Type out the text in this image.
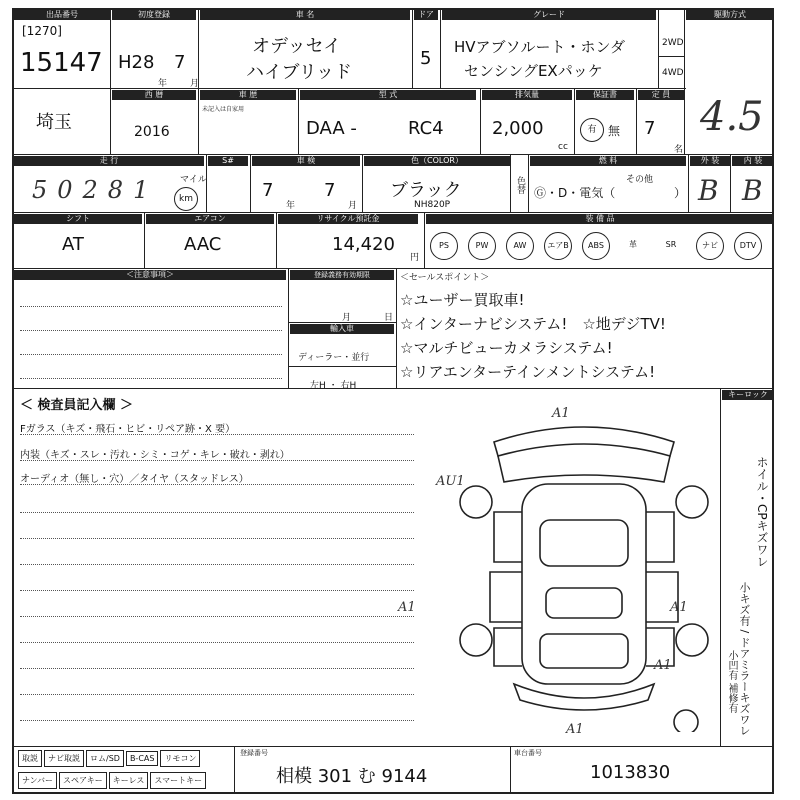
出品番号
[1270]
15147
初度登録
H28 7
年	月
車 名
オデッセイ
ハイブリッド
ドア
5
グレード
HVアブソルート・ホンダ
センシングEXパッケ
2WD
4WD
駆動方式
埼玉
西 暦
2016
車 歴
未記入は自家用
型 式
DAA -	RC4
排気量
2,000
cc
保証書
有 無
定 員
7
名
4.5
走 行
50281 マイル
km
S#	車 検
7
年
7
月
色（COLOR）
ブラック
NH820P
色替
燃 料
Ⓖ・D・電気（
その他
）
外 装	内 装
B B
シフト
AT
エアコン
AAC
リサイクル預託金
14,420
円
装 備 品
PS	PW	AW	エアB	ABS	革	SR	ナビ	DTV
＜注意事項＞	登録義務有効期限
月	日
輸入車
ディーラー・並行
左H ・ 右H
＜セールスポイント＞
☆ユーザー買取車!
☆インターナビシステム!　☆地デジTV!
☆マルチビューカメラシステム!
☆リアエンターテインメントシステム!
＜ 検査員記入欄 ＞
Fガラス（キズ・飛石・ヒビ・リペア跡・X 要）
内装（キズ・スレ・汚れ・シミ・コゲ・キレ・破れ・剥れ）
オーディオ（無し・穴）／タイヤ（スタッドレス）
A1
AU1
A1	A1
A1
A1
キーロック
ホイル・CPキズワレ
小キズ有 / ドアミラーキズワレ
小凹有 補修有
取説 ナビ取説 ロム/SD B-CAS リモコン
ナンバー スペアキー キーレス スマートキー
登録番号
相模 301 む 9144
車台番号
1013830
